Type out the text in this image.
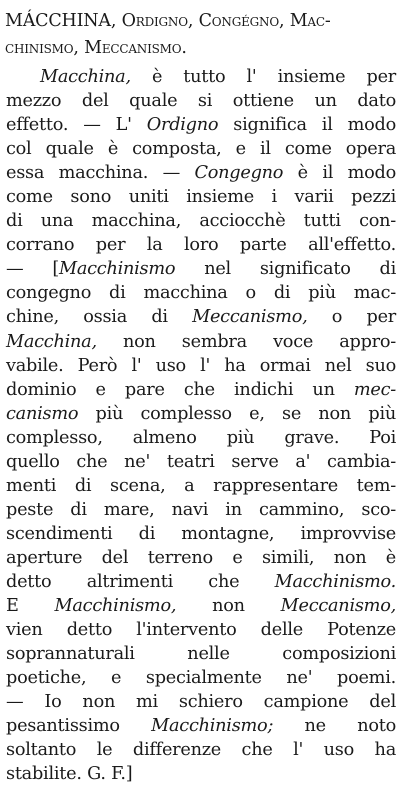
MÁCCHINA, Ordigno, Congégno, Mac-
chinismo, Meccanismo.
Macchina, è tutto l' insieme per
mezzo del quale si ottiene un dato
effetto. — L' Ordigno significa il modo
col quale è composta, e il come opera
essa macchina. — Congegno è il modo
come sono uniti insieme i varii pezzi
di una macchina, acciocchè tutti con-
corrano per la loro parte all'effetto.
— [Macchinismo nel significato di
congegno di macchina o di più mac-
chine, ossia di Meccanismo, o per
Macchina, non sembra voce appro-
vabile. Però l' uso l' ha ormai nel suo
dominio e pare che indichi un mec-
canismo più complesso e, se non più
complesso, almeno più grave. Poi
quello che ne' teatri serve a' cambia-
menti di scena, a rappresentare tem-
peste di mare, navi in cammino, sco-
scendimenti di montagne, improvvise
aperture del terreno e simili, non è
detto altrimenti che Macchinismo.
E Macchinismo, non Meccanismo,
vien detto l'intervento delle Potenze
soprannaturali nelle composizioni
poetiche, e specialmente ne' poemi.
— Io non mi schiero campione del
pesantissimo Macchinismo; ne noto
soltanto le differenze che l' uso ha
stabilite. G. F.]
